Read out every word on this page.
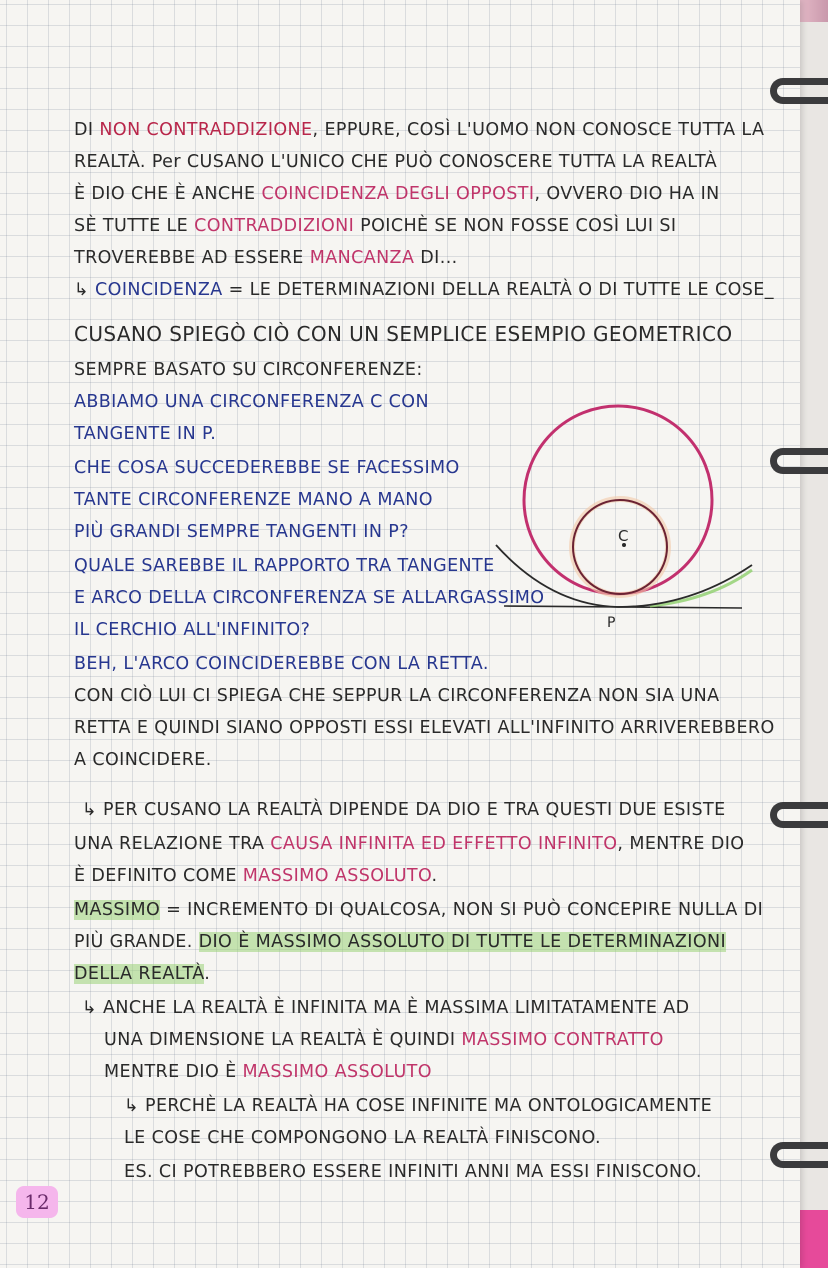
DI NON CONTRADDIZIONE, EPPURE, COSÌ L'UOMO NON CONOSCE TUTTA LA
REALTÀ. Per CUSANO L'UNICO CHE PUÒ CONOSCERE TUTTA LA REALTÀ
È DIO CHE È ANCHE COINCIDENZA DEGLI OPPOSTI, OVVERO DIO HA IN
SÈ TUTTE LE CONTRADDIZIONI POICHÈ SE NON FOSSE COSÌ LUI SI
TROVEREBBE AD ESSERE MANCANZA DI...
↳ COINCIDENZA = LE DETERMINAZIONI DELLA REALTÀ O DI TUTTE LE COSE_
CUSANO SPIEGÒ CIÒ CON UN SEMPLICE ESEMPIO GEOMETRICO
SEMPRE BASATO SU CIRCONFERENZE:
ABBIAMO UNA CIRCONFERENZA C CON
TANGENTE IN P.
CHE COSA SUCCEDEREBBE SE FACESSIMO
TANTE CIRCONFERENZE MANO A MANO
PIÙ GRANDI SEMPRE TANGENTI IN P?
QUALE SAREBBE IL RAPPORTO TRA TANGENTE
E ARCO DELLA CIRCONFERENZA SE ALLARGASSIMO
IL CERCHIO ALL'INFINITO?
BEH, L'ARCO COINCIDEREBBE CON LA RETTA.
CON CIÒ LUI CI SPIEGA CHE SEPPUR LA CIRCONFERENZA NON SIA UNA
RETTA E QUINDI SIANO OPPOSTI ESSI ELEVATI ALL'INFINITO ARRIVEREBBERO
A COINCIDERE.
↳ PER CUSANO LA REALTÀ DIPENDE DA DIO E TRA QUESTI DUE ESISTE
UNA RELAZIONE TRA CAUSA INFINITA ED EFFETTO INFINITO, MENTRE DIO
È DEFINITO COME MASSIMO ASSOLUTO.
MASSIMO = INCREMENTO DI QUALCOSA, NON SI PUÒ CONCEPIRE NULLA DI
PIÙ GRANDE. DIO È MASSIMO ASSOLUTO DI TUTTE LE DETERMINAZIONI
DELLA REALTÀ.
↳ ANCHE LA REALTÀ È INFINITA MA È MASSIMA LIMITATAMENTE AD
UNA DIMENSIONE LA REALTÀ È QUINDI MASSIMO CONTRATTO
MENTRE DIO È MASSIMO ASSOLUTO
↳ PERCHÈ LA REALTÀ HA COSE INFINITE MA ONTOLOGICAMENTE
LE COSE CHE COMPONGONO LA REALTÀ FINISCONO.
ES. CI POTREBBERO ESSERE INFINITI ANNI MA ESSI FINISCONO.
C
P
12
